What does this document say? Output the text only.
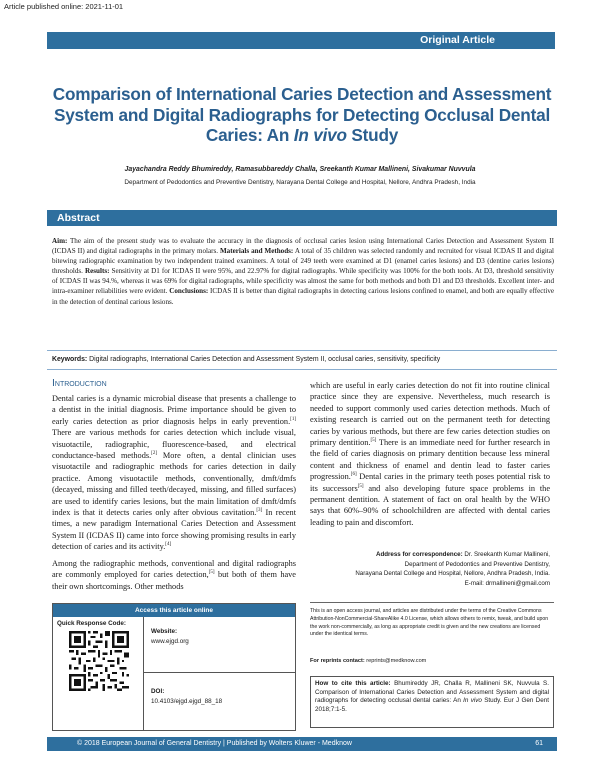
Article published online: 2021-11-01
Original Article
Comparison of International Caries Detection and Assessment
System and Digital Radiographs for Detecting Occlusal Dental
Caries: An In vivo Study
Jayachandra Reddy Bhumireddy, Ramasubbareddy Challa, Sreekanth Kumar Mallineni, Sivakumar Nuvvula
Department of Pedodontics and Preventive Dentistry, Narayana Dental College and Hospital, Nellore, Andhra Pradesh, India
Abstract
Aim: The aim of the present study was to evaluate the accuracy in the diagnosis of occlusal caries lesion using International Caries Detection and Assessment System II (ICDAS II) and digital radiographs in the primary molars. Materials and Methods: A total of 35 children was selected randomly and recruited for visual ICDAS II and digital bitewing radiographic examination by two independent trained examiners. A total of 249 teeth were examined at D1 (enamel caries lesions) and D3 (dentine caries lesions) thresholds. Results: Sensitivity at D1 for ICDAS II were 95%, and 22.97% for digital radiographs. While specificity was 100% for the both tools. At D3, threshold sensitivity of ICDAS II was 94.%, whereas it was 69% for digital radiographs, while specificity was almost the same for both methods and both D1 and D3 thresholds. Excellent inter- and intra-examiner reliabilities were evident. Conclusions: ICDAS II is better than digital radiographs in detecting carious lesions confined to enamel, and both are equally effective in the detection of dentinal carious lesions.
Keywords: Digital radiographs, International Caries Detection and Assessment System II, occlusal caries, sensitivity, specificity
Introduction

Dental caries is a dynamic microbial disease that presents a challenge to a dentist in the initial diagnosis. Prime importance should be given to early caries detection as prior diagnosis helps in early prevention.[1] There are various methods for caries detection which include visual, visuotactile, radiographic, fluorescence-based, and electrical conductance-based methods.[2] More often, a dental clinician uses visuotactile and radiographic methods for caries detection in daily practice. Among visuotactile methods, conventionally, dmft/dmfs (decayed, missing and filled teeth/decayed, missing, and filled surfaces) are used to identify caries lesions, but the main limitation of dmft/dmfs index is that it detects caries only after obvious cavitation.[3] In recent times, a new paradigm International Caries Detection and Assessment System II (ICDAS II) came into force showing promising results in early detection of caries and its activity.[4]

Among the radiographic methods, conventional and digital radiographs are commonly employed for caries detection,[5] but both of them have their own shortcomings. Other methods

which are useful in early caries detection do not fit into routine clinical practice since they are expensive. Nevertheless, much research is needed to support commonly used caries detection methods. Much of existing research is carried out on the permanent teeth for detecting caries by various methods, but there are few caries detection studies on primary dentition.[5] There is an immediate need for further research in the field of caries diagnosis on primary dentition because less mineral content and thickness of enamel and dentin lead to faster caries progression.[6] Dental caries in the primary teeth poses potential risk to its successors[5] and also developing future space problems in the permanent dentition. A statement of fact on oral health by the WHO says that 60%–90% of schoolchildren are affected with dental caries leading to pain and discomfort.
Address for correspondence: Dr. Sreekanth Kumar Mallineni,
Department of Pedodontics and Preventive Dentistry,
Narayana Dental College and Hospital, Nellore, Andhra Pradesh, India.
E-mail: drmallineni@gmail.com
This is an open access journal, and articles are distributed under the terms of the Creative Commons Attribution-NonCommercial-ShareAlike 4.0 License, which allows others to remix, tweak, and build upon the work non-commercially, as long as appropriate credit is given and the new creations are licensed under the identical terms.
For reprints contact: reprints@medknow.com
How to cite this article: Bhumireddy JR, Challa R, Mallineni SK, Nuvvula S. Comparison of International Caries Detection and Assessment System and digital radiographs for detecting occlusal dental caries: An In vivo Study. Eur J Gen Dent 2018;7:1-5.
Access this article online
Quick Response Code:
Website:
www.ejgd.org
DOI:
10.4103/ejgd.ejgd_88_18
© 2018 European Journal of General Dentistry | Published by Wolters Kluwer - Medknow	61
